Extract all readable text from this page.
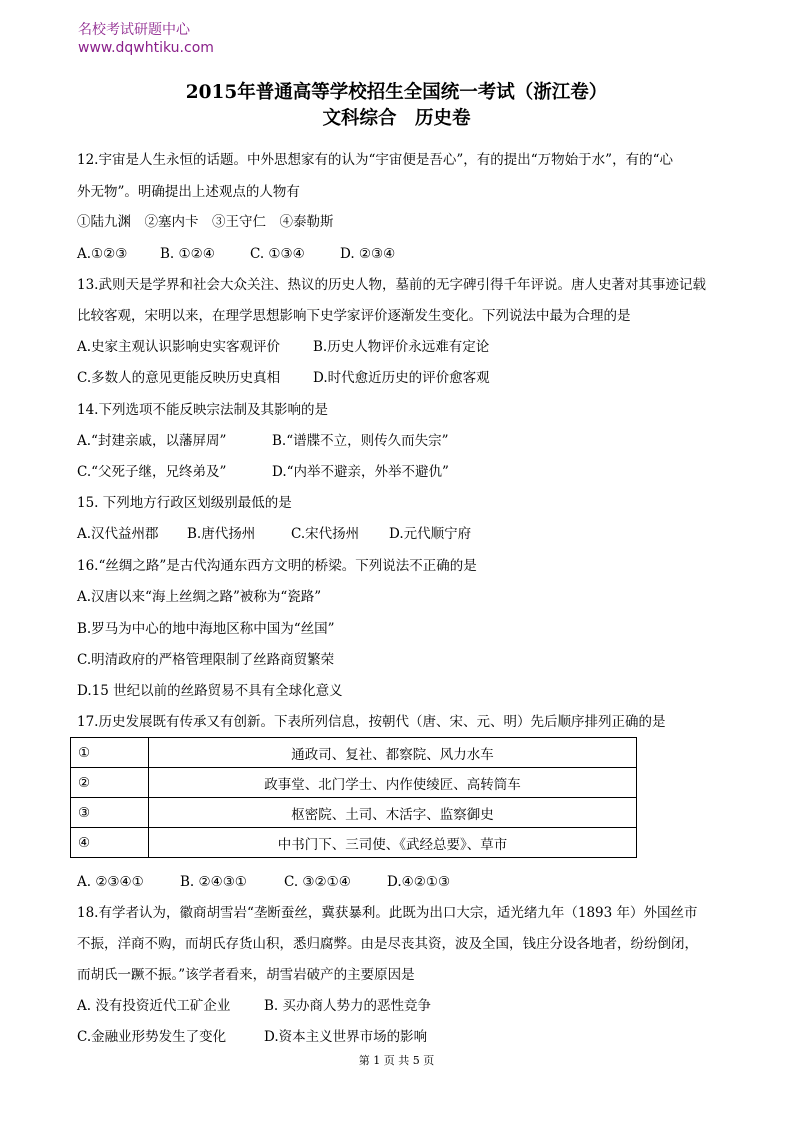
名校考试研题中心
www.dqwhtiku.com
2015年普通高等学校招生全国统一考试（浙江卷）
文科综合　历史卷
12.宇宙是人生永恒的话题。中外思想家有的认为“宇宙便是吾心”，有的提出“万物始于水”，有的“心
外无物”。明确提出上述观点的人物有
①陆九渊　②塞内卡　③王守仁　④泰勒斯
A.①②③ B. ①②④	C. ①③④	D. ②③④
13.武则天是学界和社会大众关注、热议的历史人物，墓前的无字碑引得千年评说。唐人史著对其事迹记载
比较客观，宋明以来，在理学思想影响下史学家评价逐渐发生变化。下列说法中最为合理的是
A.史家主观认识影响史实客观评价 B.历史人物评价永远难有定论
C.多数人的意见更能反映历史真相 D.时代愈近历史的评价愈客观
14.下列选项不能反映宗法制及其影响的是
A.“封建亲戚，以藩屏周”	B.“谱牒不立，则传久而失宗”
C.“父死子继，兄终弟及”	D.“内举不避亲，外举不避仇”
15. 下列地方行政区划级别最低的是
A.汉代益州郡 B.唐代扬州	C.宋代扬州 D.元代顺宁府
16.“丝绸之路”是古代沟通东西方文明的桥梁。下列说法不正确的是
A.汉唐以来“海上丝绸之路”被称为“瓷路”
B.罗马为中心的地中海地区称中国为“丝国”
C.明清政府的严格管理限制了丝路商贸繁荣
D.15 世纪以前的丝路贸易不具有全球化意义
17.历史发展既有传承又有创新。下表所列信息，按朝代（唐、宋、元、明）先后顺序排列正确的是
①	通政司、复社、都察院、风力水车
②	政事堂、北门学士、内作使绫匠、高转筒车
③	枢密院、土司、木活字、监察御史
④	中书门下、三司使、《武经总要》、草市
A. ②③④①	B. ②④③①	C. ③②①④	D.④②①③
18.有学者认为，徽商胡雪岩“垄断蚕丝，冀获暴利。此既为出口大宗，适光绪九年（1893 年）外国丝市
不振，洋商不购，而胡氏存货山积，悉归腐弊。由是尽丧其资，波及全国，钱庄分设各地者，纷纷倒闭，
而胡氏一蹶不振。”该学者看来，胡雪岩破产的主要原因是
A. 没有投资近代工矿企业 B. 买办商人势力的恶性竞争
C.金融业形势发生了变化	D.资本主义世界市场的影响
第 1 页 共 5 页
